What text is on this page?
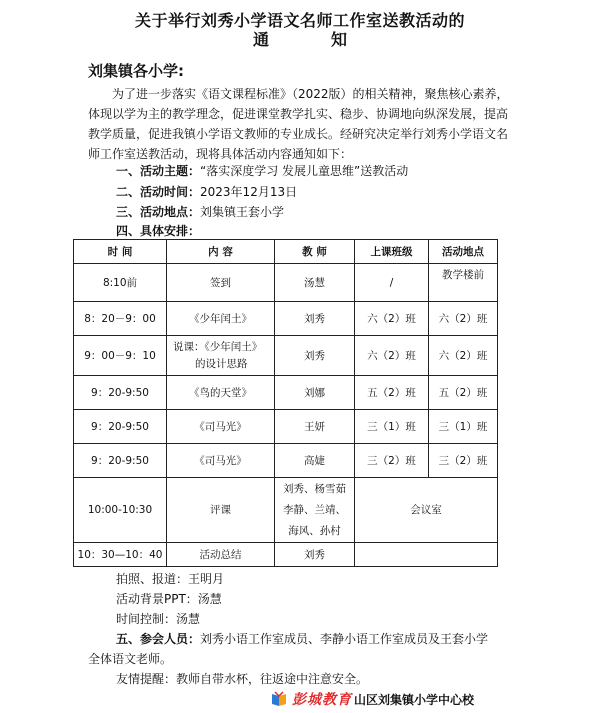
关于举行刘秀小学语文名师工作室送教活动的
通	知
刘集镇各小学:
为了进一步落实《语文课程标准》（2022版）的相关精神，聚焦核心素养，体现以学为主的教学理念，促进课堂教学扎实、稳步、协调地向纵深发展，提高教学质量，促进我镇小学语文教师的专业成长。经研究决定举行刘秀小学语文名师工作室送教活动，现将具体活动内容通知如下：
一、活动主题：“落实深度学习 发展儿童思维”送教活动
二、活动时间：2023年12月13日
三、活动地点：刘集镇王套小学
四、具体安排：
时 间	内 容	教 师	上课班级	活动地点
8:10前	签到	汤慧	/	教学楼前
8：20－9：00	《少年闰土》	刘秀	六（2）班	六（2）班
9：00－9：10	说课：《少年闰土》
的设计思路	刘秀	六（2）班	六（2）班
9：20-9:50	《鸟的天堂》	刘娜	五（2）班	五（2）班
9：20-9:50	《司马光》	王妍	三（1）班	三（1）班
9：20-9:50	《司马光》	高婕	三（2）班	三（2）班
10:00-10:30	评课	刘秀、杨雪茹
李静、兰靖、
海风、孙村	会议室	
10：30—10：40	活动总结	刘秀		
拍照、报道：王明月
活动背景PPT：汤慧
时间控制：汤慧
五、参会人员：刘秀小语工作室成员、李静小语工作室成员及王套小学
全体语文老师。
友情提醒：教师自带水杯，往返途中注意安全。
彭城教育 山区刘集镇小学中心校
